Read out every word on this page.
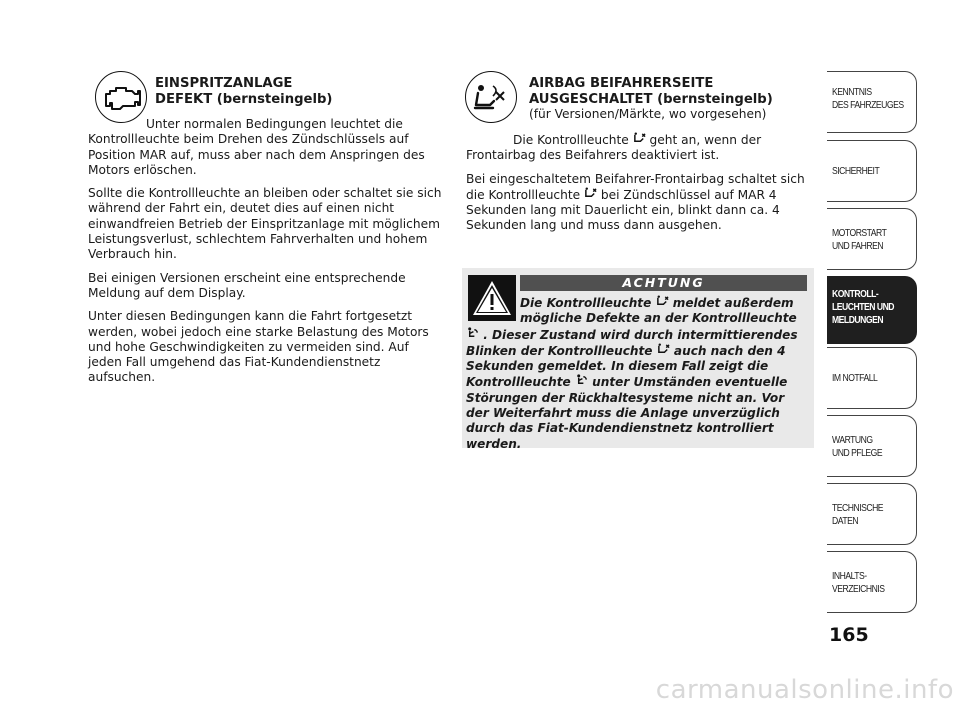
EINSPRITZANLAGE

DEFEKT (bernsteingelb)

Unter normalen Bedingungen leuchtet die Kontrollleuchte beim Drehen des Zündschlüssels auf Position MAR auf, muss aber nach dem Anspringen des Motors erlöschen.

Sollte die Kontrollleuchte an bleiben oder schaltet sie sich während der Fahrt ein, deutet dies auf einen nicht einwandfreien Betrieb der Einspritzanlage mit möglichem Leistungsverlust, schlechtem Fahrverhalten und hohem Verbrauch hin.

Bei einigen Versionen erscheint eine entsprechende Meldung auf dem Display.

Unter diesen Bedingungen kann die Fahrt fortgesetzt werden, wobei jedoch eine starke Belastung des Motors und hohe Geschwindigkeiten zu vermeiden sind. Auf jeden Fall umgehend das Fiat-Kundendienstnetz aufsuchen.

AIRBAG BEIFAHRERSEITE

AUSGESCHALTET (bernsteingelb)

(für Versionen/Märkte, wo vorgesehen)

Die Kontrollleuchte geht an, wenn der Frontairbag des Beifahrers deaktiviert ist.

Bei eingeschaltetem Beifahrer-Frontairbag schaltet sich die Kontrollleuchte bei Zündschlüssel auf MAR 4 Sekunden lang mit Dauerlicht ein, blinkt dann ca. 4 Sekunden lang und muss dann ausgehen.

ACHTUNG
Die Kontrollleuchte meldet außerdem mögliche Defekte an der Kontrollleuchte
. Dieser Zustand wird durch intermittierendes Blinken der Kontrollleuchte auch nach den 4 Sekunden gemeldet. In diesem Fall zeigt die Kontrollleuchte unter Umständen eventuelle Störungen der Rückhaltesysteme nicht an. Vor der Weiterfahrt muss die Anlage unverzüglich durch das Fiat-Kundendienstnetz kontrolliert werden.
KENNTNIS
DES FAHRZEUGES
SICHERHEIT
MOTORSTART
UND FAHREN
KONTROLL-
LEUCHTEN UND
MELDUNGEN
IM NOTFALL
WARTUNG
UND PFLEGE
TECHNISCHE
DATEN
INHALTS-
VERZEICHNIS
165
carmanualsonline.info
